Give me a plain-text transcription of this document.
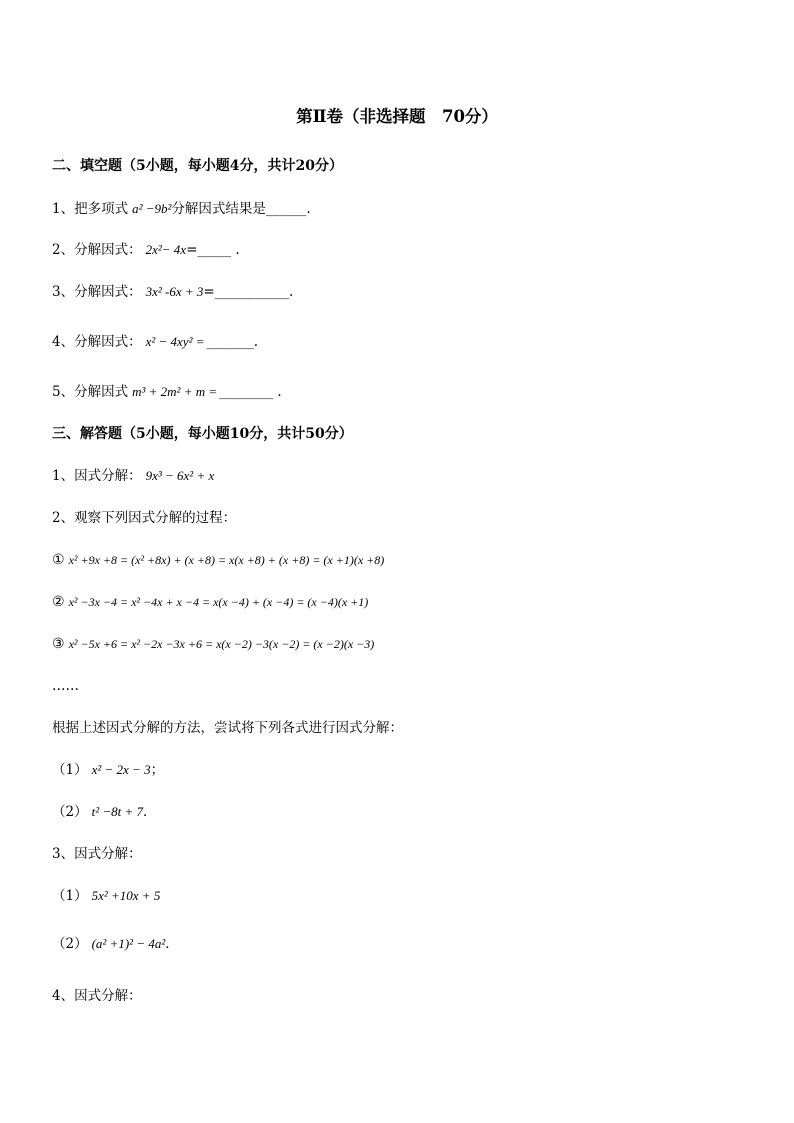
第Ⅱ卷（非选择题　70分）
二、填空题（5小题，每小题4分，共计20分）
1、把多项式 a² −9b²分解因式结果是______.
2、分解因式： 2x²− 4x=_____ .
3、分解因式： 3x² -6x + 3=___________.
4、分解因式： x² − 4xy² = _______.
5、分解因式 m³ + 2m² + m = ________ .
三、解答题（5小题，每小题10分，共计50分）
1、因式分解： 9x³ − 6x² + x
2、观察下列因式分解的过程：
① x² +9x +8 = (x² +8x) + (x +8) = x(x +8) + (x +8) = (x +1)(x +8)
② x² −3x −4 = x² −4x + x −4 = x(x −4) + (x −4) = (x −4)(x +1)
③ x² −5x +6 = x² −2x −3x +6 = x(x −2) −3(x −2) = (x −2)(x −3)
……
根据上述因式分解的方法，尝试将下列各式进行因式分解：
（1） x² − 2x − 3；
（2） t² −8t + 7．
3、因式分解：
（1） 5x² +10x + 5
（2） (a² +1)² − 4a²．
4、因式分解：
